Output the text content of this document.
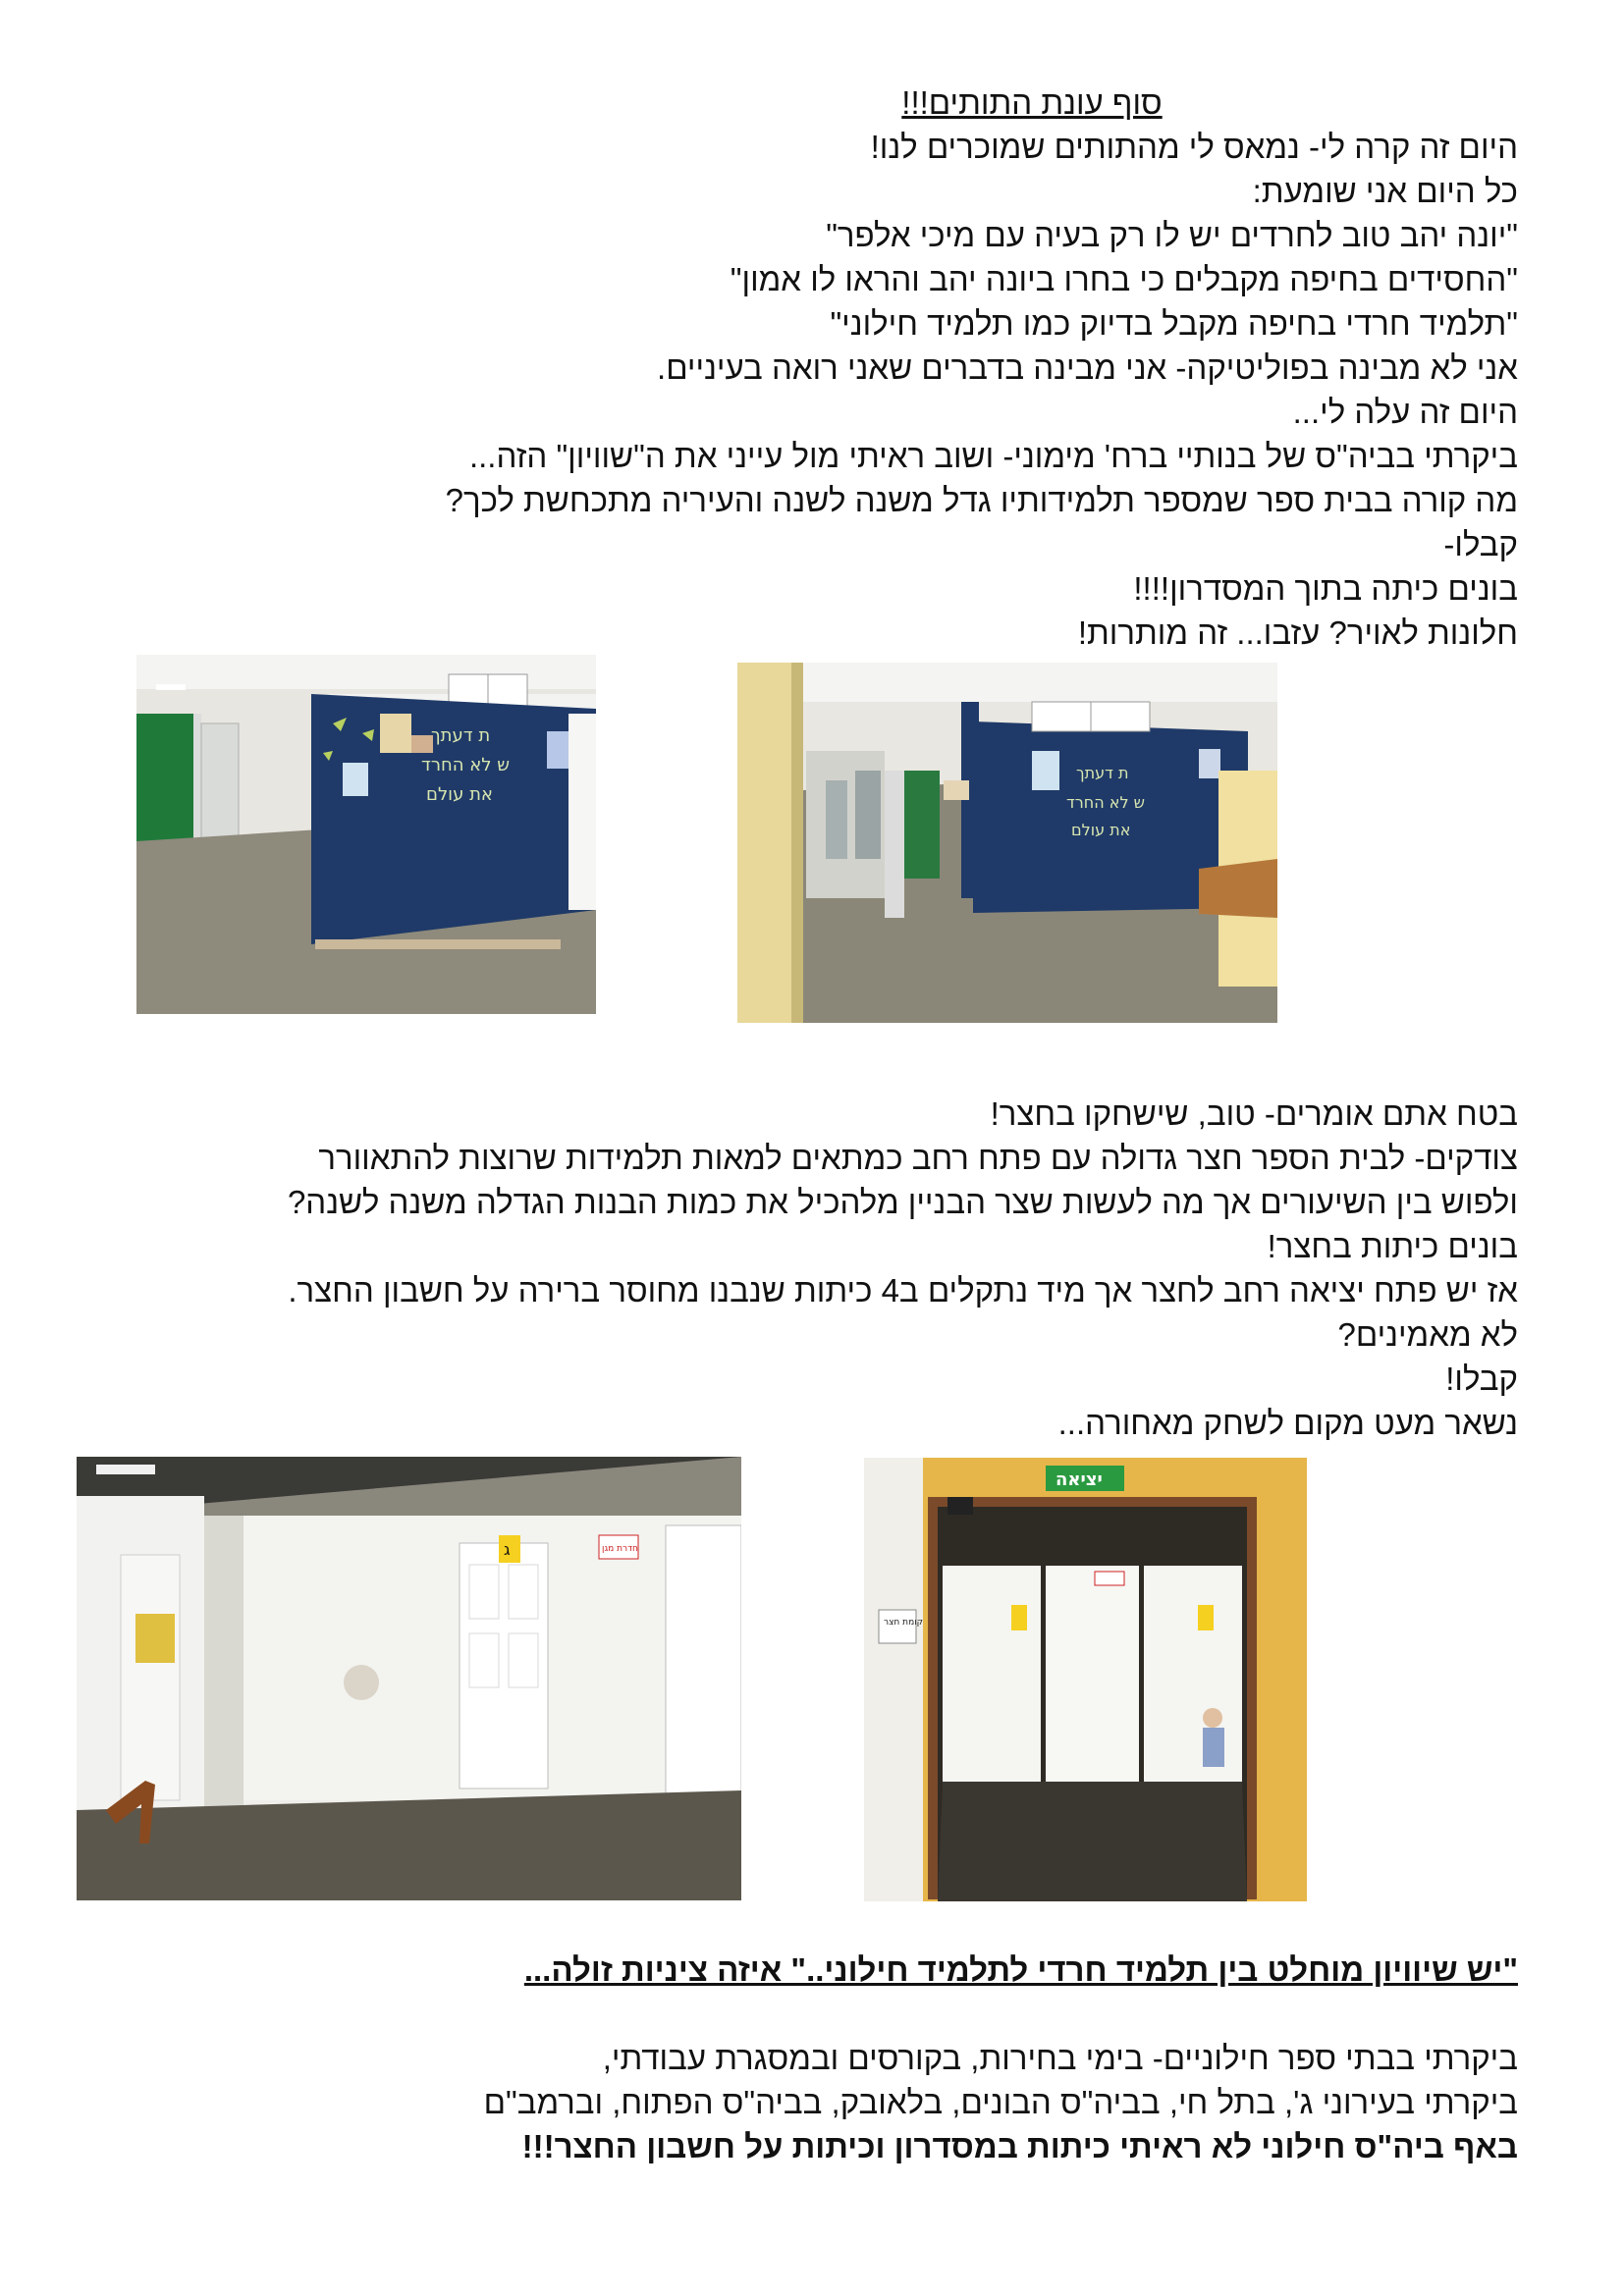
סוף עונת התותים!!!

היום זה קרה לי- נמאס לי מהתותים שמוכרים לנו!

כל היום אני שומעת:

"יונה יהב טוב לחרדים יש לו רק בעיה עם מיכי אלפר"

"החסידים בחיפה מקבלים כי בחרו ביונה יהב והראו לו אמון"

"תלמיד חרדי בחיפה מקבל בדיוק כמו תלמיד חילוני"

אני לא מבינה בפוליטיקה- אני מבינה בדברים שאני רואה בעיניים.

היום זה עלה לי...

ביקרתי בביה"ס של בנותיי ברח' מימוני- ושוב ראיתי מול עייני את ה"שוויון" הזה...

מה קורה בבית ספר שמספר תלמידותיו גדל משנה לשנה והעיריה מתכחשת לכך?

קבלו-

בונים כיתה בתוך המסדרון!!!!

חלונות לאויר? עזבו... זה מותרות!

ת דעתך
ש לא החרד
את עולם
ת דעתך
ש לא החרד
את עולם

בטח אתם אומרים- טוב, שישחקו בחצר!

צודקים- לבית הספר חצר גדולה עם פתח רחב כמתאים למאות תלמידות שרוצות להתאוורר

ולפוש בין השיעורים אך מה לעשות שצר הבניין מלהכיל את כמות הבנות הגדלה משנה לשנה?

בונים כיתות בחצר!

אז יש פתח יציאה רחב לחצר אך מיד נתקלים ב4 כיתות שנבנו מחוסר ברירה על חשבון החצר.

לא מאמינים?

קבלו!

נשאר מעט מקום לשחק מאחורה...

ג	חדרת מגן
יציאה
קומת חצר

"יש שיוויון מוחלט בין תלמיד חרדי לתלמיד חילוני.." איזה ציניות זולה...

ביקרתי בבתי ספר חילוניים- בימי בחירות, בקורסים ובמסגרת עבודתי,

ביקרתי בעירוני ג', בתל חי, בביה"ס הבונים, בלאובק, בביה"ס הפתוח, וברמב"ם

באף ביה"ס חילוני לא ראיתי כיתות במסדרון וכיתות על חשבון החצר!!!
